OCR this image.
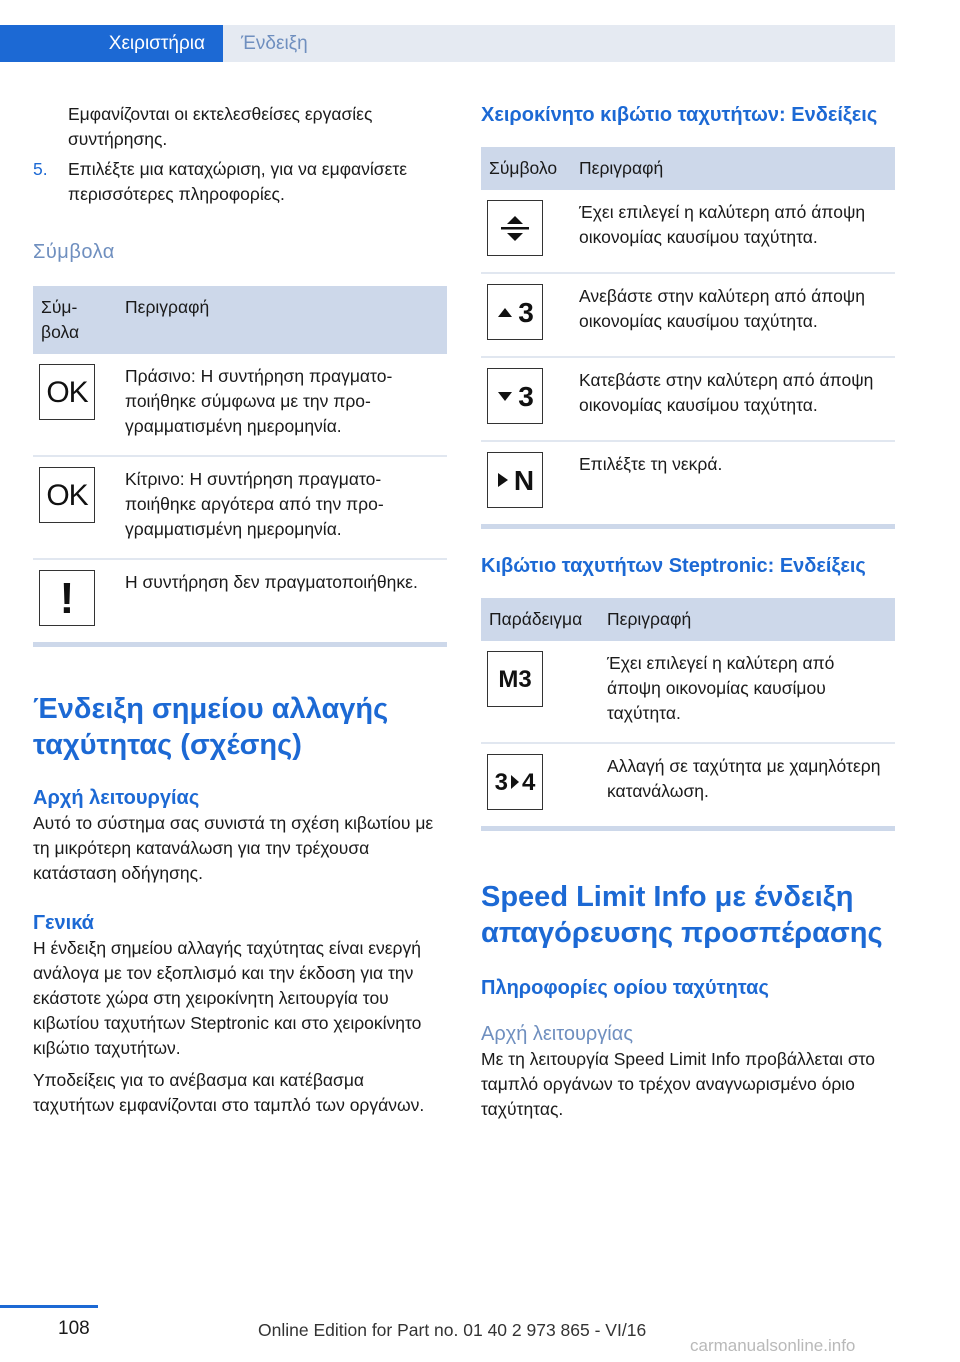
Χειριστήρια	Ένδειξη

Εμφανίζονται οι εκτελεσθείσες εργασίες συντήρησης.

5.	Επιλέξτε μια καταχώριση, για να εμφανίσετε περισσότερες πληροφορίες.
Σύμβολα
Σύμβολα	Περιγραφή

OK	Πράσινο: Η συντήρηση πραγματοποιήθηκε σύμφωνα με την προγραμματισμένη ημερομηνία.

OK	Κίτρινο: Η συντήρηση πραγματοποιήθηκε αργότερα από την προγραμματισμένη ημερομηνία.

!	Η συντήρηση δεν πραγματοποιήθηκε.
Ένδειξη σημείου αλλαγής ταχύτητας (σχέσης)
Αρχή λειτουργίας

Αυτό το σύστημα σας συνιστά τη σχέση κιβωτίου με τη μικρότερη κατανάλωση για την τρέχουσα κατάσταση οδήγησης.

Γενικά

Η ένδειξη σημείου αλλαγής ταχύτητας είναι ενεργή ανάλογα με τον εξοπλισμό και την έκδοση για την εκάστοτε χώρα στη χειροκίνητη λειτουργία του κιβωτίου ταχυτήτων Steptronic και στο χειροκίνητο κιβώτιο ταχυτήτων.

Υποδείξεις για το ανέβασμα και κατέβασμα ταχυτήτων εμφανίζονται στο ταμπλό των οργάνων.

Χειροκίνητο κιβώτιο ταχυτήτων: Ενδείξεις
Σύμβολο	Περιγραφή

	Έχει επιλεγεί η καλύτερη από άποψη οικονομίας καυσίμου ταχύτητα.

3	Ανεβάστε στην καλύτερη από άποψη οικονομίας καυσίμου ταχύτητα.

3	Κατεβάστε στην καλύτερη από άποψη οικονομίας καυσίμου ταχύτητα.

N	Επιλέξτε τη νεκρά.
Κιβώτιο ταχυτήτων Steptronic: Ενδείξεις
Παράδειγμα	Περιγραφή

M3	Έχει επιλεγεί η καλύτερη από άποψη οικονομίας καυσίμου ταχύτητα.

3 4	Αλλαγή σε ταχύτητα με χαμηλότερη κατανάλωση.
Speed Limit Info με ένδειξη απαγόρευσης προσπέρασης
Πληροφορίες ορίου ταχύτητας
Αρχή λειτουργίας

Με τη λειτουργία Speed Limit Info προβάλλεται στο ταμπλό οργάνων το τρέχον αναγνωρισμένο όριο ταχύτητας.

108	Online Edition for Part no. 01 40 2 973 865 - VI/16
carmanualsonline.info
